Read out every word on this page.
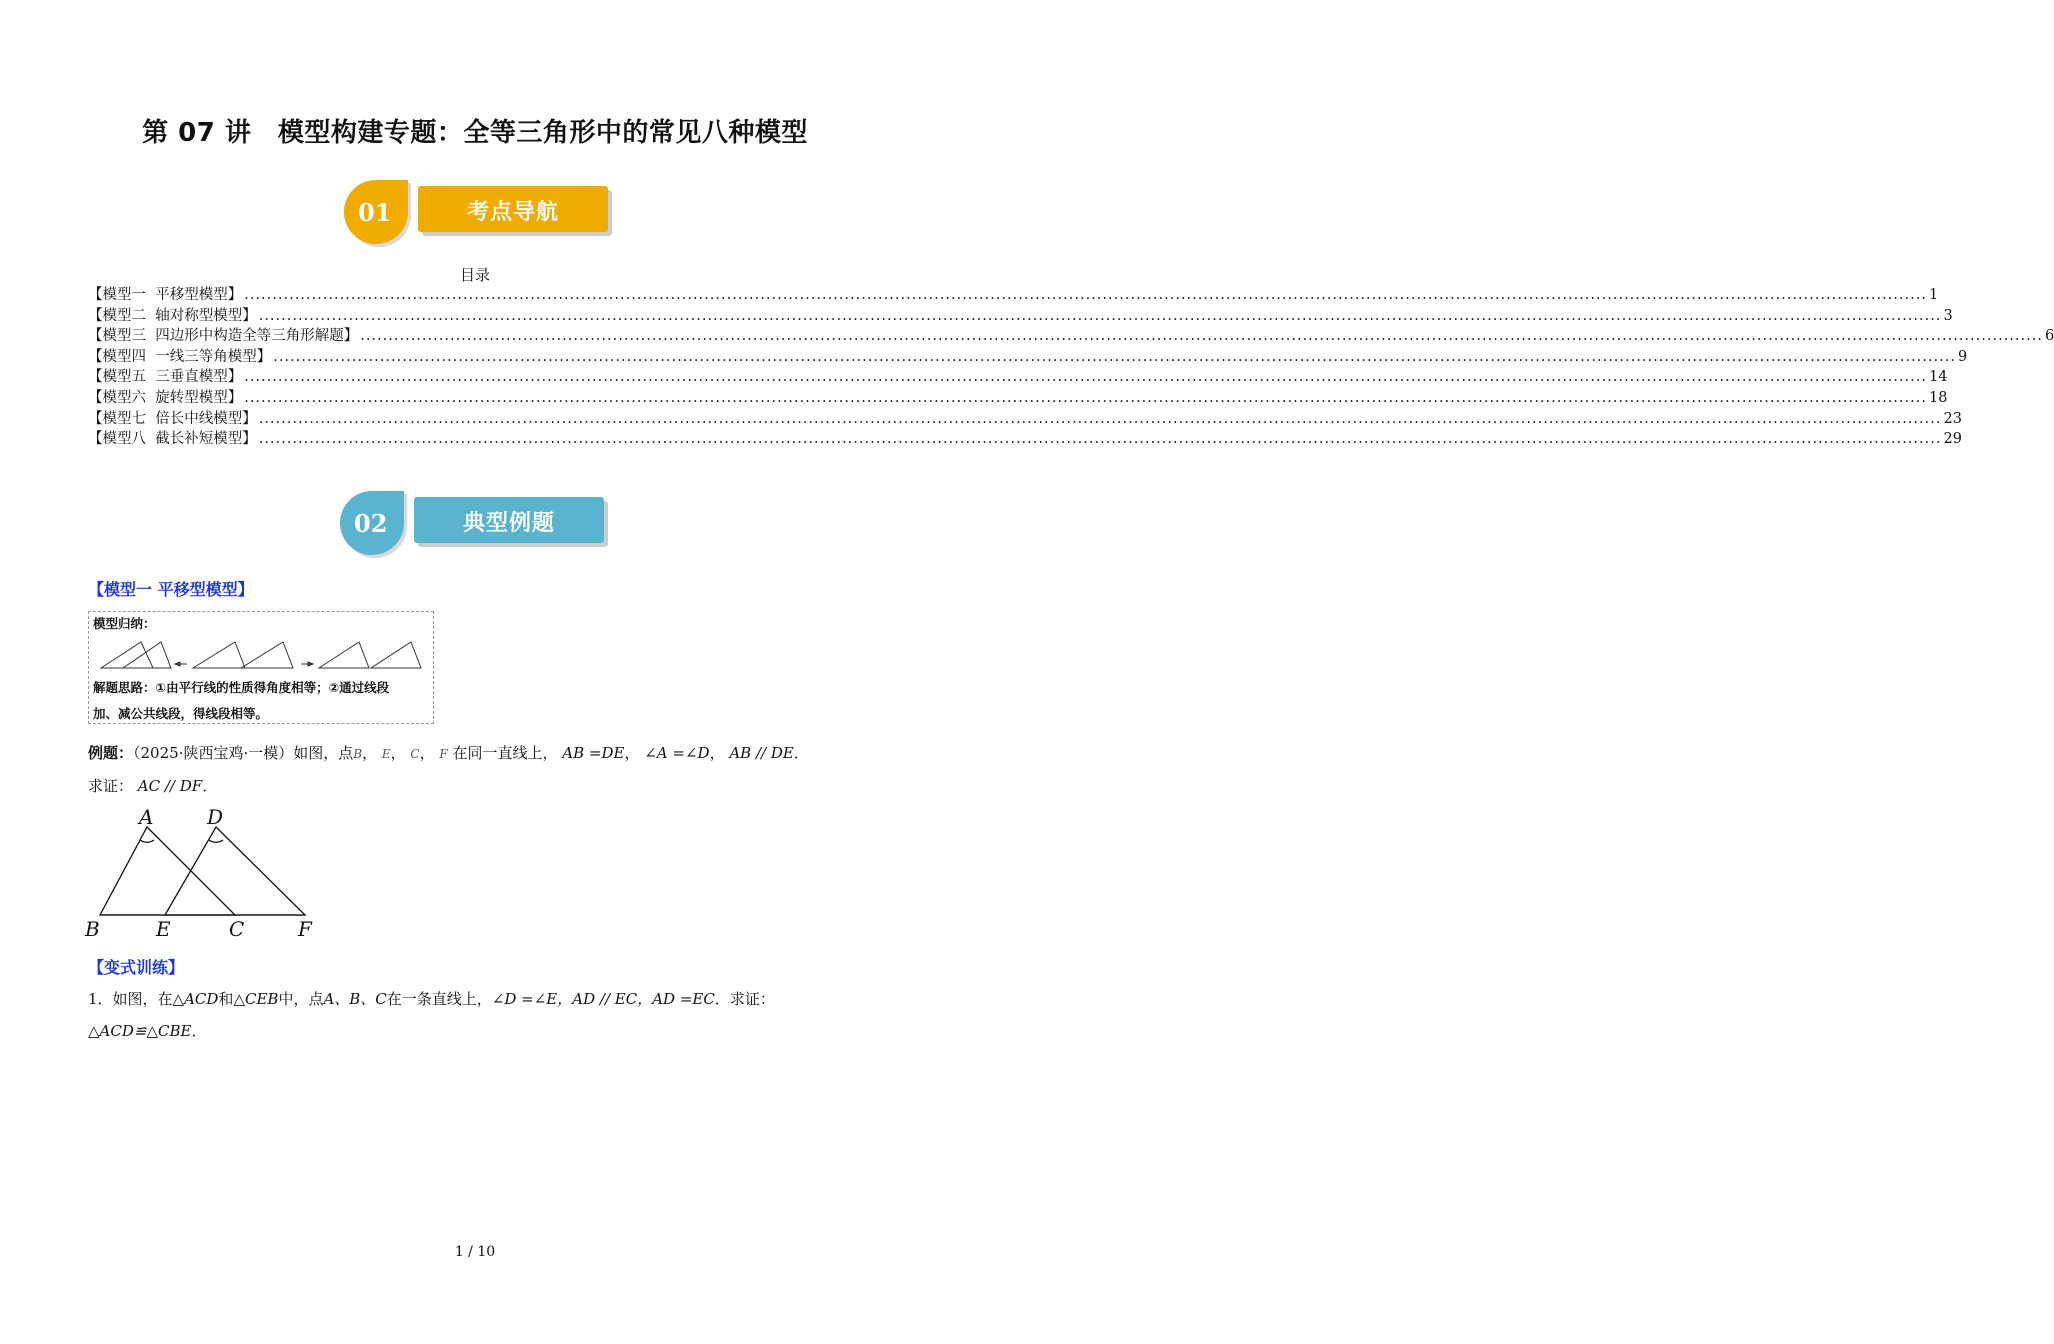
第 07 讲　模型构建专题：全等三角形中的常见八种模型
01	考点导航
目录
【模型一  平移型模型】 ............................................................................................................................................................................................................................................................................................................ 1
【模型二  轴对称型模型】 ............................................................................................................................................................................................................................................................................................................ 3
【模型三  四边形中构造全等三角形解题】 ............................................................................................................................................................................................................................................................................................................ 6
【模型四  一线三等角模型】 ............................................................................................................................................................................................................................................................................................................ 9
【模型五  三垂直模型】 ............................................................................................................................................................................................................................................................................................................ 14
【模型六  旋转型模型】 ............................................................................................................................................................................................................................................................................................................ 18
【模型七  倍长中线模型】 ............................................................................................................................................................................................................................................................................................................ 23
【模型八  截长补短模型】 ............................................................................................................................................................................................................................................................................................................ 29
02	典型例题
【模型一 平移型模型】
模型归纳：
解题思路：①由平行线的性质得角度相等；②通过线段
加、减公共线段，得线段相等。
例题：（2025·陕西宝鸡·一模）如图，点B， E， C， F 在同一直线上， AB =DE， ∠A =∠D， AB // DE．
求证： AC // DF．
A	D
B	E	C	F
【变式训练】
1．如图，在△ACD和△CEB中，点A、B、C在一条直线上，∠D =∠E，AD // EC，AD =EC．求证：
△ACD≌△CBE．
1 / 10
